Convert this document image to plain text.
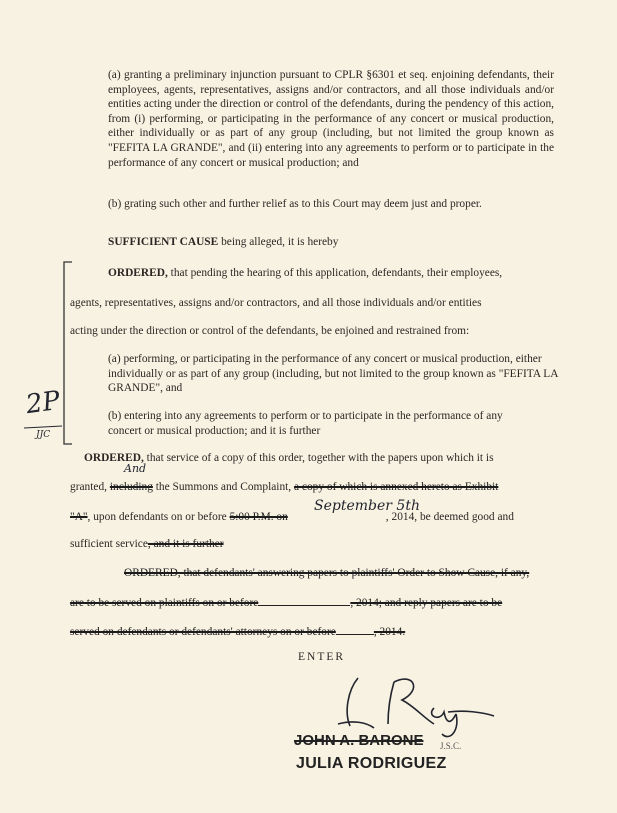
(a) granting a preliminary injunction pursuant to CPLR §6301 et seq. enjoining defendants, their employees, agents, representatives, assigns and/or contractors, and all those individuals and/or entities acting under the direction or control of the defendants, during the pendency of this action, from (i) performing, or participating in the performance of any concert or musical production, either individually or as part of any group (including, but not limited the group known as "FEFITA LA GRANDE", and (ii) entering into any agreements to perform or to participate in the performance of any concert or musical production; and

(b) grating such other and further relief as to this Court may deem just and proper.

SUFFICIENT CAUSE being alleged, it is hereby

ORDERED, that pending the hearing of this application, defendants, their employees,
agents, representatives, assigns and/or contractors, and all those individuals and/or entities
acting under the direction or control of the defendants, be enjoined and restrained from:

(a) performing, or participating in the performance of any concert or musical production, either individually or as part of any group (including, but not limited to the group known as "FEFITA LA GRANDE", and

(b) entering into any agreements to perform or to participate in the performance of any concert or musical production; and it is further

2P
JJC
ORDERED, that service of a copy of this order, together with the papers upon which it is
And
granted, including the Summons and Complaint, a copy of which is annexed hereto as Exhibit
"A", upon defendants on or before 5:00 P.M. on	, 2014, be deemed good and
September 5th
sufficient service, and it is further
ORDERED, that defendants' answering papers to plaintiffs' Order to Show Cause, if any,
are to be served on plaintiffs on or before	, 2014; and reply papers are to be
served on defendants or defendants' attorneys on or before	, 2014.
ENTER
JOHN A. BARONE J.S.C.
JULIA RODRIGUEZ
